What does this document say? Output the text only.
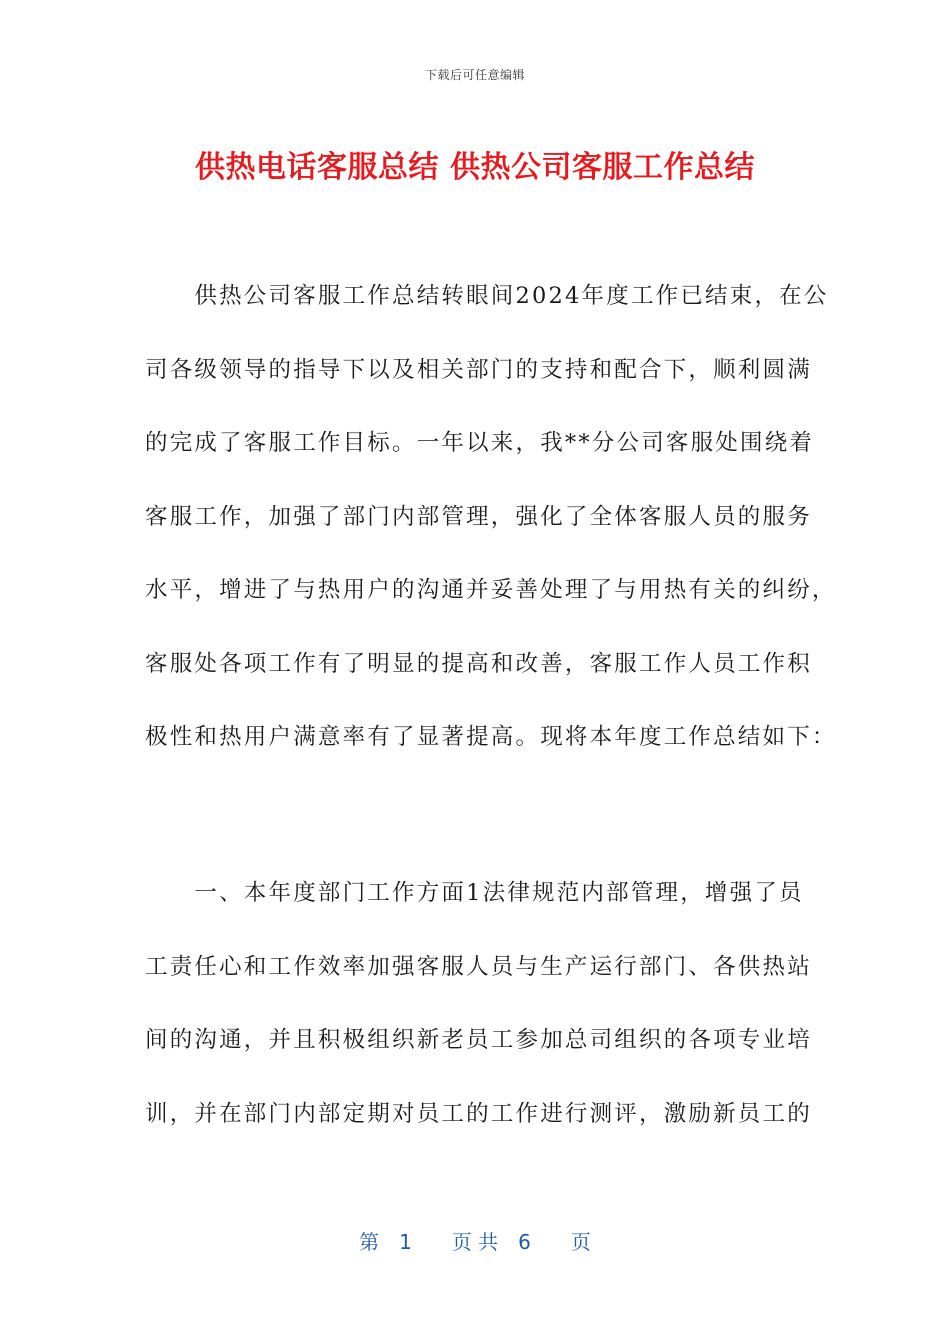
下载后可任意编辑
供热电话客服总结 供热公司客服工作总结
　　供热公司客服工作总结转眼间2024年度工作已结束，在公
司各级领导的指导下以及相关部门的支持和配合下，顺利圆满
的完成了客服工作目标。一年以来，我**分公司客服处围绕着
客服工作，加强了部门内部管理，强化了全体客服人员的服务
水平，增进了与热用户的沟通并妥善处理了与用热有关的纠纷，
客服处各项工作有了明显的提高和改善，客服工作人员工作积
极性和热用户满意率有了显著提高。现将本年度工作总结如下：
　　一、本年度部门工作方面1法律规范内部管理，增强了员
工责任心和工作效率加强客服人员与生产运行部门、各供热站
间的沟通，并且积极组织新老员工参加总司组织的各项专业培
训，并在部门内部定期对员工的工作进行测评，激励新员工的
第　1　　页 共　6　　页
